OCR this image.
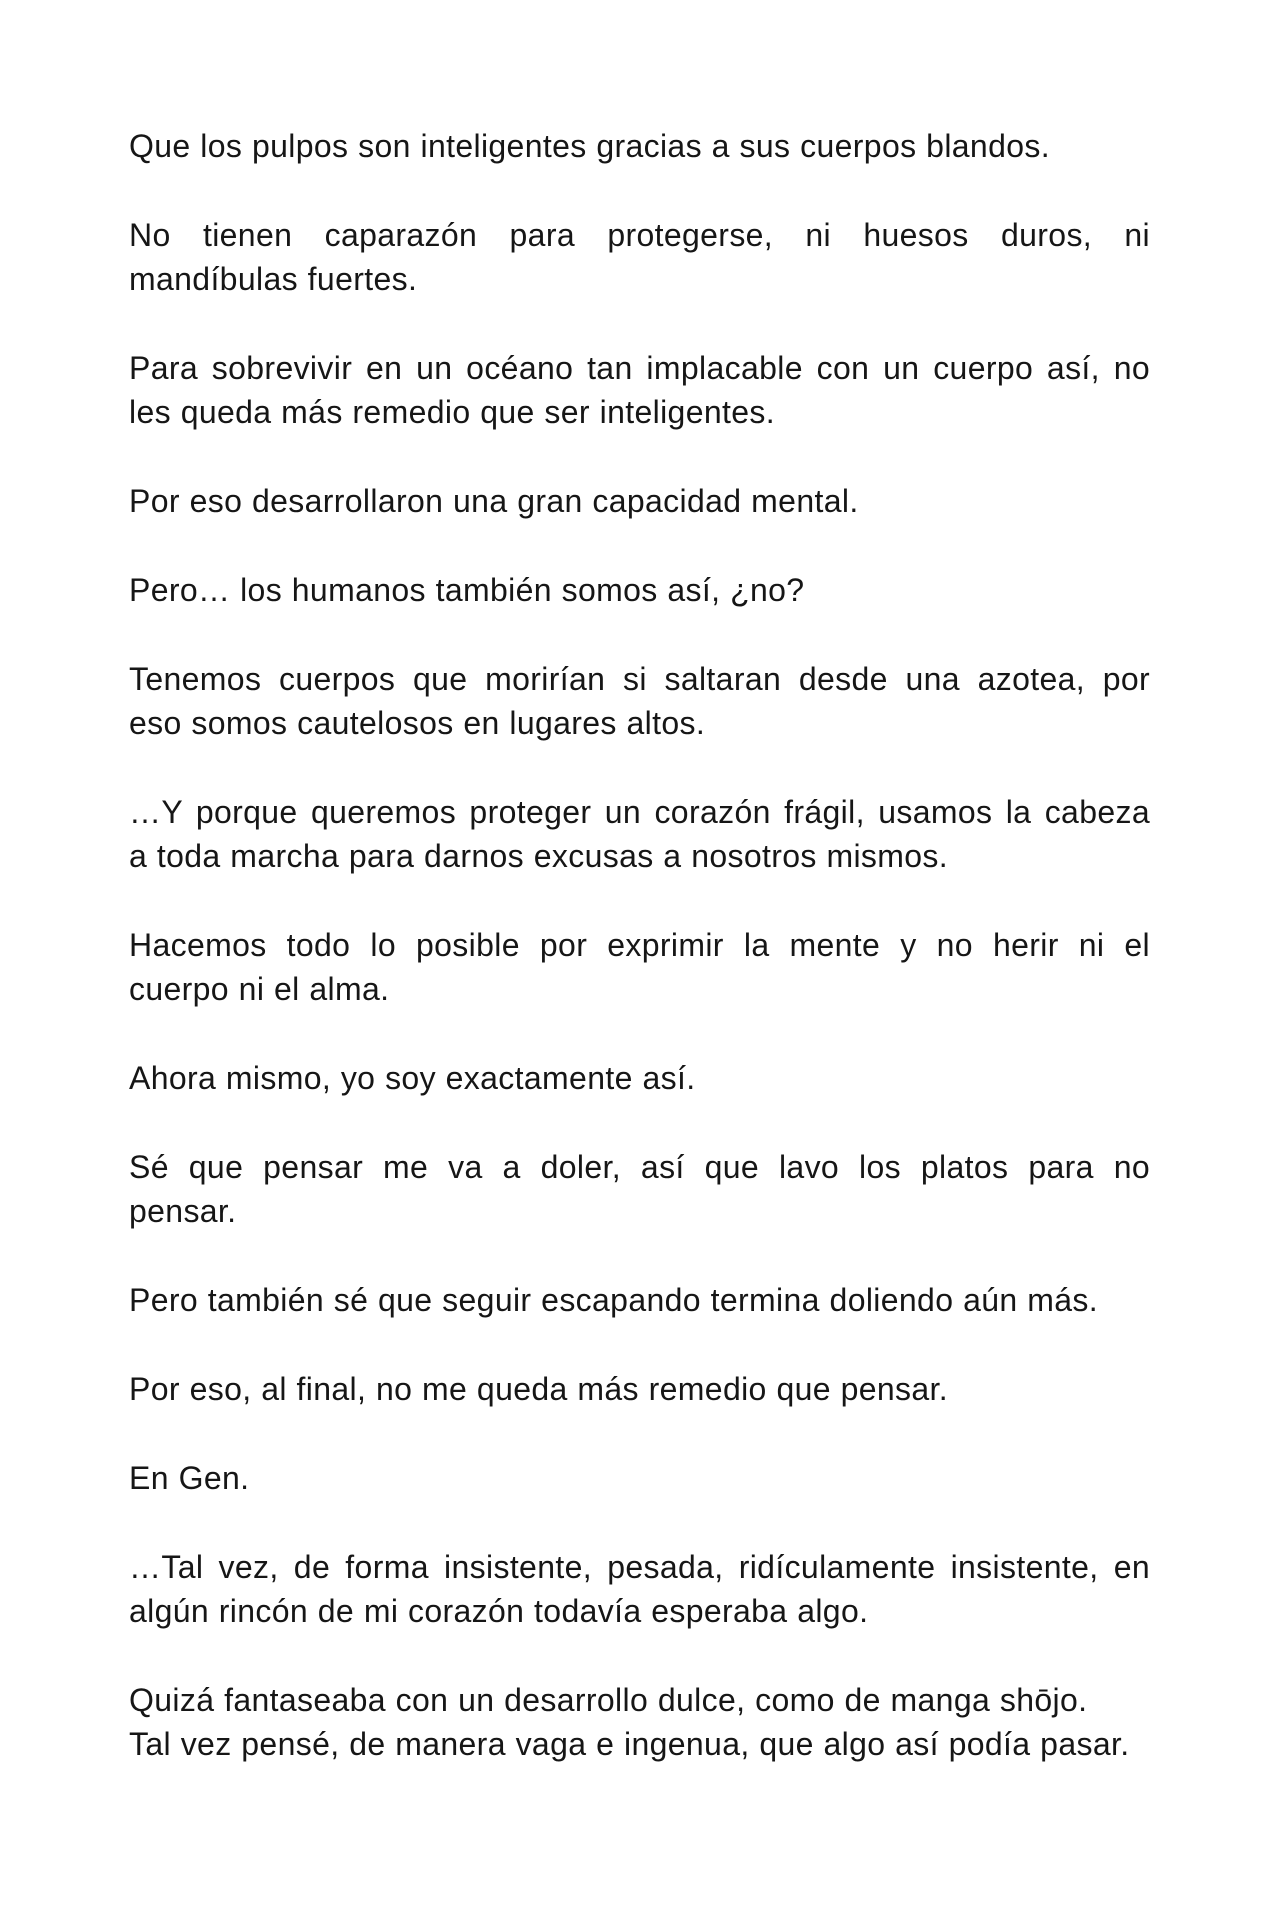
Que los pulpos son inteligentes gracias a sus cuerpos blandos.

No tienen caparazón para protegerse, ni huesos duros, ni
mandíbulas fuertes.

Para sobrevivir en un océano tan implacable con un cuerpo así, no
les queda más remedio que ser inteligentes.

Por eso desarrollaron una gran capacidad mental.

Pero… los humanos también somos así, ¿no?

Tenemos cuerpos que morirían si saltaran desde una azotea, por
eso somos cautelosos en lugares altos.

…Y porque queremos proteger un corazón frágil, usamos la cabeza
a toda marcha para darnos excusas a nosotros mismos.

Hacemos todo lo posible por exprimir la mente y no herir ni el
cuerpo ni el alma.

Ahora mismo, yo soy exactamente así.

Sé que pensar me va a doler, así que lavo los platos para no
pensar.

Pero también sé que seguir escapando termina doliendo aún más.

Por eso, al final, no me queda más remedio que pensar.

En Gen.

…Tal vez, de forma insistente, pesada, ridículamente insistente, en
algún rincón de mi corazón todavía esperaba algo.

Quizá fantaseaba con un desarrollo dulce, como de manga shōjo.
Tal vez pensé, de manera vaga e ingenua, que algo así podía pasar.
